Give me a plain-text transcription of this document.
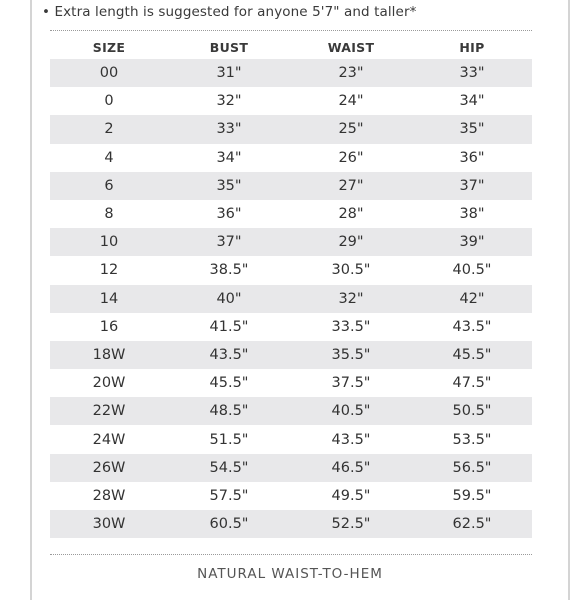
• Extra length is suggested for anyone 5'7" and taller*
SIZE	BUST	WAIST	HIP
00	31"	23"	33"
0	32"	24"	34"
2	33"	25"	35"
4	34"	26"	36"
6	35"	27"	37"
8	36"	28"	38"
10	37"	29"	39"
12	38.5"	30.5"	40.5"
14	40"	32"	42"
16	41.5"	33.5"	43.5"
18W	43.5"	35.5"	45.5"
20W	45.5"	37.5"	47.5"
22W	48.5"	40.5"	50.5"
24W	51.5"	43.5"	53.5"
26W	54.5"	46.5"	56.5"
28W	57.5"	49.5"	59.5"
30W	60.5"	52.5"	62.5"
NATURAL WAIST-TO-HEM
